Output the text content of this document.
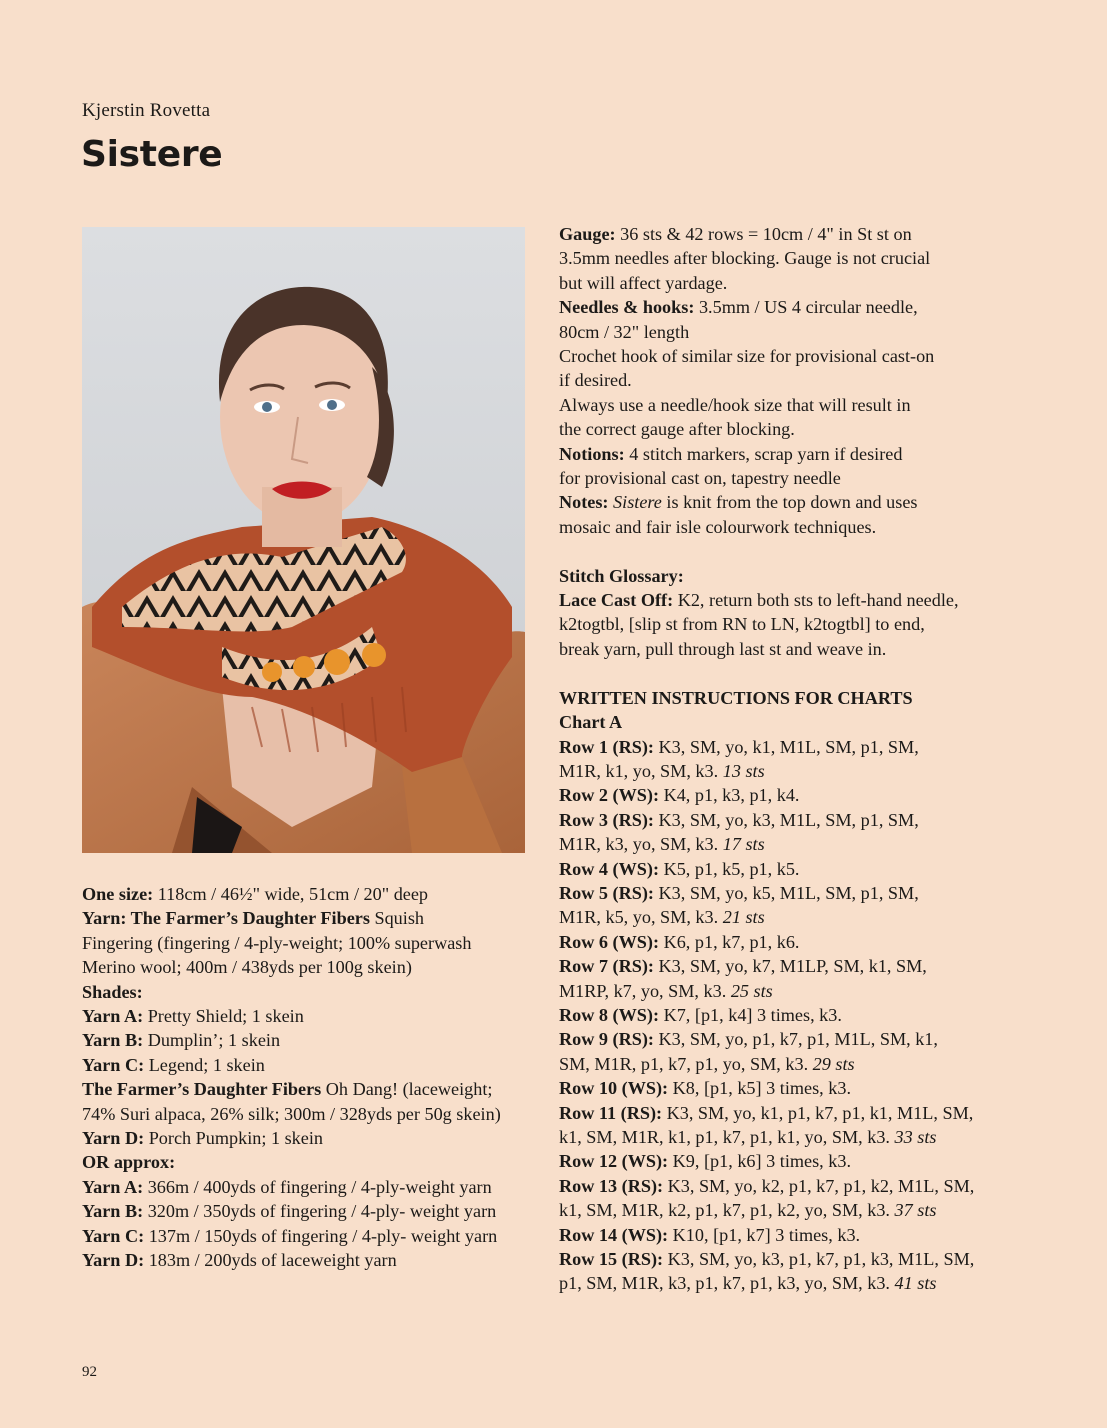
Kjerstin Rovetta
Sistere

One size: 118cm / 46½" wide, 51cm / 20" deep

Yarn: The Farmer’s Daughter Fibers Squish

Fingering (fingering / 4-ply-weight; 100% superwash

Merino wool; 400m / 438yds per 100g skein)

Shades:

Yarn A: Pretty Shield; 1 skein

Yarn B: Dumplin’; 1 skein

Yarn C: Legend; 1 skein

The Farmer’s Daughter Fibers Oh Dang! (laceweight;

74% Suri alpaca, 26% silk; 300m / 328yds per 50g skein)

Yarn D: Porch Pumpkin; 1 skein

OR approx:

Yarn A: 366m / 400yds of fingering / 4-ply-weight yarn

Yarn B: 320m / 350yds of fingering / 4-ply- weight yarn

Yarn C: 137m / 150yds of fingering / 4-ply- weight yarn

Yarn D: 183m / 200yds of laceweight yarn

Gauge: 36 sts & 42 rows = 10cm / 4" in St st on

3.5mm needles after blocking. Gauge is not crucial

but will affect yardage.

Needles & hooks: 3.5mm / US 4 circular needle,

80cm / 32" length

Crochet hook of similar size for provisional cast-on

if desired.

Always use a needle/hook size that will result in

the correct gauge after blocking.

Notions: 4 stitch markers, scrap yarn if desired

for provisional cast on, tapestry needle

Notes: Sistere is knit from the top down and uses

mosaic and fair isle colourwork techniques.

Stitch Glossary:

Lace Cast Off: K2, return both sts to left-hand needle,

k2togtbl, [slip st from RN to LN, k2togtbl] to end,

break yarn, pull through last st and weave in.

WRITTEN INSTRUCTIONS FOR CHARTS

Chart A

Row 1 (RS): K3, SM, yo, k1, M1L, SM, p1, SM,

M1R, k1, yo, SM, k3. 13 sts

Row 2 (WS): K4, p1, k3, p1, k4.

Row 3 (RS): K3, SM, yo, k3, M1L, SM, p1, SM,

M1R, k3, yo, SM, k3. 17 sts

Row 4 (WS): K5, p1, k5, p1, k5.

Row 5 (RS): K3, SM, yo, k5, M1L, SM, p1, SM,

M1R, k5, yo, SM, k3. 21 sts

Row 6 (WS): K6, p1, k7, p1, k6.

Row 7 (RS): K3, SM, yo, k7, M1LP, SM, k1, SM,

M1RP, k7, yo, SM, k3. 25 sts

Row 8 (WS): K7, [p1, k4] 3 times, k3.

Row 9 (RS): K3, SM, yo, p1, k7, p1, M1L, SM, k1,

SM, M1R, p1, k7, p1, yo, SM, k3. 29 sts

Row 10 (WS): K8, [p1, k5] 3 times, k3.

Row 11 (RS): K3, SM, yo, k1, p1, k7, p1, k1, M1L, SM,

k1, SM, M1R, k1, p1, k7, p1, k1, yo, SM, k3. 33 sts

Row 12 (WS): K9, [p1, k6] 3 times, k3.

Row 13 (RS): K3, SM, yo, k2, p1, k7, p1, k2, M1L, SM,

k1, SM, M1R, k2, p1, k7, p1, k2, yo, SM, k3. 37 sts

Row 14 (WS): K10, [p1, k7] 3 times, k3.

Row 15 (RS): K3, SM, yo, k3, p1, k7, p1, k3, M1L, SM,

p1, SM, M1R, k3, p1, k7, p1, k3, yo, SM, k3. 41 sts

92
